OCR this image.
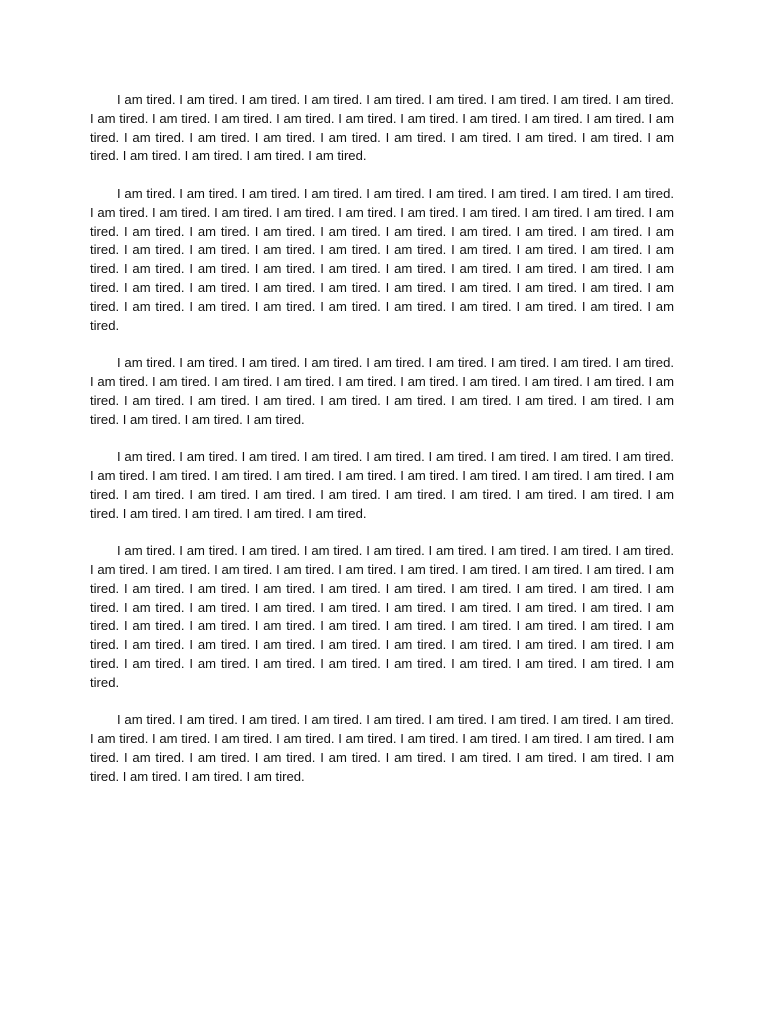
I am tired. I am tired. I am tired. I am tired. I am tired. I am tired. I am tired. I am tired. I am tired. I am tired. I am tired. I am tired. I am tired. I am tired. I am tired. I am tired. I am tired. I am tired. I am tired. I am tired. I am tired. I am tired. I am tired. I am tired. I am tired. I am tired. I am tired. I am tired. I am tired. I am tired. I am tired. I am tired.

I am tired. I am tired. I am tired. I am tired. I am tired. I am tired. I am tired. I am tired. I am tired. I am tired. I am tired. I am tired. I am tired. I am tired. I am tired. I am tired. I am tired. I am tired. I am tired. I am tired. I am tired. I am tired. I am tired. I am tired. I am tired. I am tired. I am tired. I am tired. I am tired. I am tired. I am tired. I am tired. I am tired. I am tired. I am tired. I am tired. I am tired. I am tired. I am tired. I am tired. I am tired. I am tired. I am tired. I am tired. I am tired. I am tired. I am tired. I am tired. I am tired. I am tired. I am tired. I am tired. I am tired. I am tired. I am tired. I am tired. I am tired. I am tired. I am tired. I am tired. I am tired. I am tired. I am tired. I am tired.

I am tired. I am tired. I am tired. I am tired. I am tired. I am tired. I am tired. I am tired. I am tired. I am tired. I am tired. I am tired. I am tired. I am tired. I am tired. I am tired. I am tired. I am tired. I am tired. I am tired. I am tired. I am tired. I am tired. I am tired. I am tired. I am tired. I am tired. I am tired. I am tired. I am tired. I am tired.

I am tired. I am tired. I am tired. I am tired. I am tired. I am tired. I am tired. I am tired. I am tired. I am tired. I am tired. I am tired. I am tired. I am tired. I am tired. I am tired. I am tired. I am tired. I am tired. I am tired. I am tired. I am tired. I am tired. I am tired. I am tired. I am tired. I am tired. I am tired. I am tired. I am tired. I am tired. I am tired.

I am tired. I am tired. I am tired. I am tired. I am tired. I am tired. I am tired. I am tired. I am tired. I am tired. I am tired. I am tired. I am tired. I am tired. I am tired. I am tired. I am tired. I am tired. I am tired. I am tired. I am tired. I am tired. I am tired. I am tired. I am tired. I am tired. I am tired. I am tired. I am tired. I am tired. I am tired. I am tired. I am tired. I am tired. I am tired. I am tired. I am tired. I am tired. I am tired. I am tired. I am tired. I am tired. I am tired. I am tired. I am tired. I am tired. I am tired. I am tired. I am tired. I am tired. I am tired. I am tired. I am tired. I am tired. I am tired. I am tired. I am tired. I am tired. I am tired. I am tired. I am tired. I am tired. I am tired. I am tired.

I am tired. I am tired. I am tired. I am tired. I am tired. I am tired. I am tired. I am tired. I am tired. I am tired. I am tired. I am tired. I am tired. I am tired. I am tired. I am tired. I am tired. I am tired. I am tired. I am tired. I am tired. I am tired. I am tired. I am tired. I am tired. I am tired. I am tired. I am tired. I am tired. I am tired. I am tired.
